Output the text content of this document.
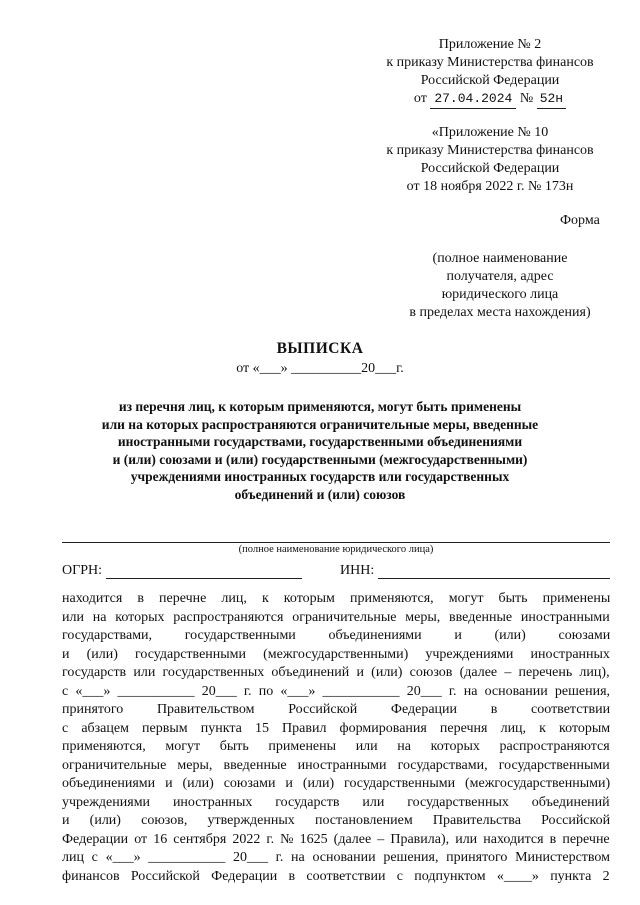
Приложение № 2
к приказу Министерства финансов
Российской Федерации
от 27.04.2024 № 52н
«Приложение № 10
к приказу Министерства финансов
Российской Федерации
от 18 ноября 2022 г. № 173н
Форма
(полное наименование
получателя, адрес
юридического лица
в пределах места нахождения)
ВЫПИСКА
от «___» __________20___г.
из перечня лиц, к которым применяются, могут быть применены
или на которых распространяются ограничительные меры, введенные
иностранными государствами, государственными объединениями
и (или) союзами и (или) государственными (межгосударственными)
учреждениями иностранных государств или государственных
объединений и (или) союзов
(полное наименование юридического лица)
ОГРН:	ИНН:
находится в перечне лиц, к которым применяются, могут быть применены
или на которых распространяются ограничительные меры, введенные иностранными
государствами, государственными объединениями и (или) союзами
и (или) государственными (межгосударственными) учреждениями иностранных
государств или государственных объединений и (или) союзов (далее – перечень лиц),
с «___» ___________ 20___ г. по «___» ___________ 20___ г. на основании решения,
принятого Правительством Российской Федерации в соответствии
с абзацем первым пункта 15 Правил формирования перечня лиц, к которым
применяются, могут быть применены или на которых распространяются
ограничительные меры, введенные иностранными государствами, государственными
объединениями и (или) союзами и (или) государственными (межгосударственными)
учреждениями иностранных государств или государственных объединений
и (или) союзов, утвержденных постановлением Правительства Российской
Федерации от 16 сентября 2022 г. № 1625 (далее – Правила), или находится в перечне
лиц с «___» ___________ 20___ г. на основании решения, принятого Министерством
финансов Российской Федерации в соответствии с подпунктом «____» пункта 2
